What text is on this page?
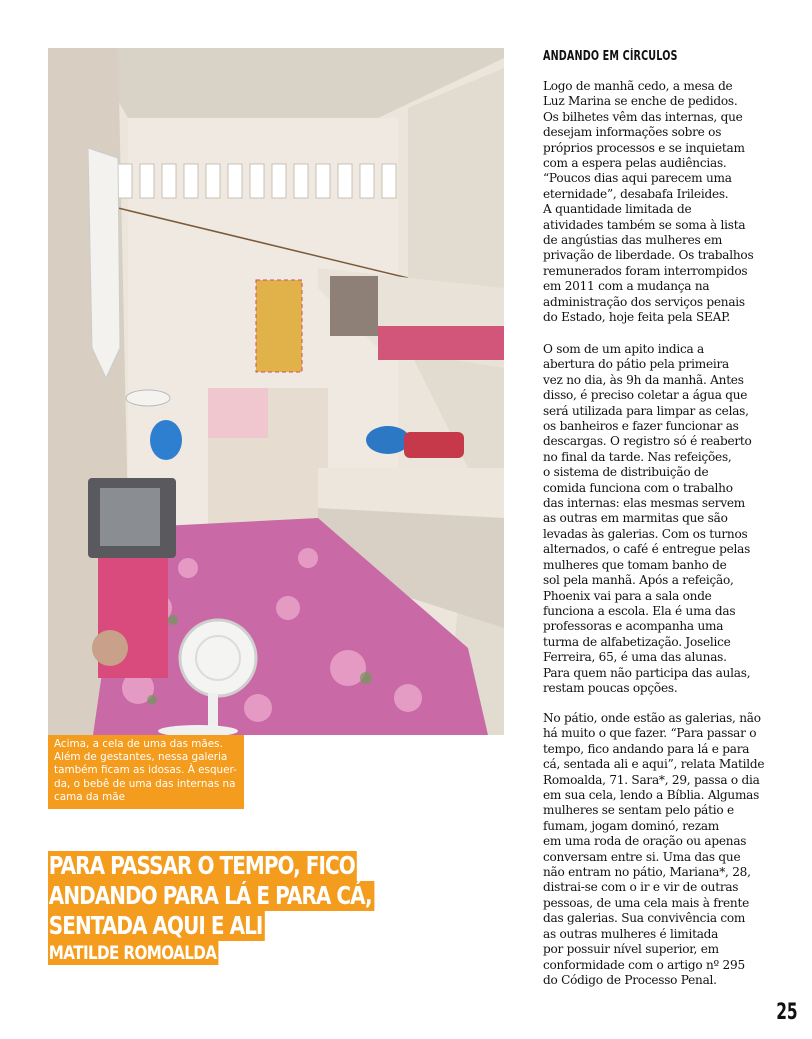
Acima, a cela de uma das mães.
Além de gestantes, nessa galeria
também ficam as idosas. À esquer-
da, o bebê de uma das internas na
cama da mãe
PARA PASSAR O TEMPO, FICO
ANDANDO PARA LÁ E PARA CÁ,
SENTADA AQUI E ALI
MATILDE ROMOALDA
ANDANDO EM CÍRCULOS

Logo de manhã cedo, a mesa de
Luz Marina se enche de pedidos.
Os bilhetes vêm das internas, que
desejam informações sobre os
próprios processos e se inquietam
com a espera pelas audiências.
“Poucos dias aqui parecem uma
eternidade”, desabafa Irileides.
A quantidade limitada de
atividades também se soma à lista
de angústias das mulheres em
privação de liberdade. Os trabalhos
remunerados foram interrompidos
em 2011 com a mudança na
administração dos serviços penais
do Estado, hoje feita pela SEAP.

O som de um apito indica a
abertura do pátio pela primeira
vez no dia, às 9h da manhã. Antes
disso, é preciso coletar a água que
será utilizada para limpar as celas,
os banheiros e fazer funcionar as
descargas. O registro só é reaberto
no final da tarde. Nas refeições,
o sistema de distribuição de
comida funciona com o trabalho
das internas: elas mesmas servem
as outras em marmitas que são
levadas às galerias. Com os turnos
alternados, o café é entregue pelas
mulheres que tomam banho de
sol pela manhã. Após a refeição,
Phoenix vai para a sala onde
funciona a escola. Ela é uma das
professoras e acompanha uma
turma de alfabetização. Joselice
Ferreira, 65, é uma das alunas.
Para quem não participa das aulas,
restam poucas opções.

No pátio, onde estão as galerias, não
há muito o que fazer. “Para passar o
tempo, fico andando para lá e para
cá, sentada ali e aqui”, relata Matilde
Romoalda, 71. Sara*, 29, passa o dia
em sua cela, lendo a Bíblia. Algumas
mulheres se sentam pelo pátio e
fumam, jogam dominó, rezam
em uma roda de oração ou apenas
conversam entre si. Uma das que
não entram no pátio, Mariana*, 28,
distrai-se com o ir e vir de outras
pessoas, de uma cela mais à frente
das galerias. Sua convivência com
as outras mulheres é limitada
por possuir nível superior, em
conformidade com o artigo nº 295
do Código de Processo Penal.

25
